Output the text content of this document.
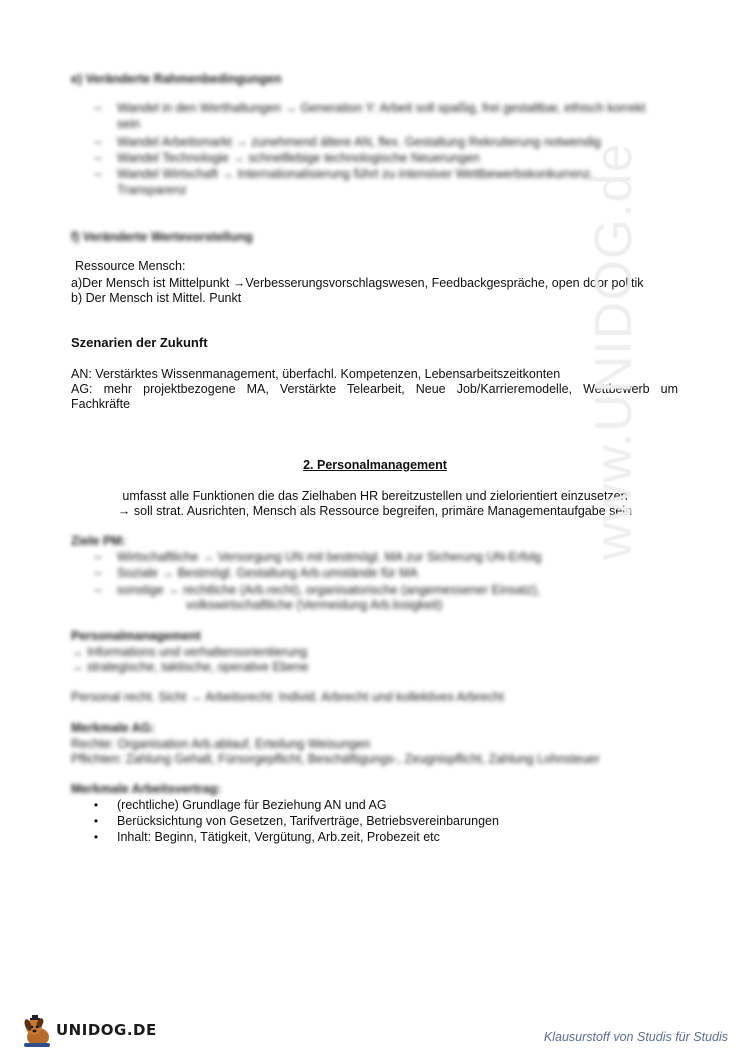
e) Veränderte Rahmenbedingungen
– Wandel in den Werthaltungen → Generation Y: Arbeit soll spaßig, frei gestaltbar, ethisch korrekt
sein
– Wandel Arbeitsmarkt → zunehmend ältere AN, flex. Gestaltung Rekrutierung notwendig
– Wandel Technologie → schnelllebige technologische Neuerungen
– Wandel Wirtschaft → Internationalisierung führt zu intensiver Wettbewerbskonkurrenz,
Transparenz
f) Veränderte Wertevorstellung
Ressource Mensch:
a)Der Mensch ist Mittelpunkt →Verbesserungsvorschlagswesen, Feedbackgespräche, open door politik
b) Der Mensch ist Mittel. Punkt
Szenarien der Zukunft
AN: Verstärktes Wissenmanagement, überfachl. Kompetenzen, Lebensarbeitszeitkonten
AG: mehr projektbezogene MA, Verstärkte Telearbeit, Neue Job/Karrieremodelle, Wettbewerb um
Fachkräfte
2. Personalmanagement
umfasst alle Funktionen die das Zielhaben HR bereitzustellen und zielorientiert einzusetzen
→ soll strat. Ausrichten, Mensch als Ressource begreifen, primäre Managementaufgabe sein
Ziele PM:
– Wirtschaftliche → Versorgung UN mit bestmögl. MA zur Sicherung UN-Erfolg
– Soziale → Bestmögl. Gestaltung Arb.umstände für MA
– sonstige → rechtliche (Arb.recht), organisatorische (angemessener Einsatz),
volkswirtschaftliche (Vermeidung Arb.losigkeit)
Personalmanagement
→ Informations und verhaltensorientierung
→ strategische, taktische, operative Ebene
Personal recht. Sicht → Arbeitsrecht: Individ. Arbrecht und kollektives Arbrecht
Merkmale AG:
Rechte: Organisation Arb.ablauf, Erteilung Weisungen
Pflichten: Zahlung Gehalt, Fürsorgepflicht, Beschäftigungs-, Zeugnispflicht, Zahlung Lohnsteuer
Merkmale Arbeitsvertrag:
• (rechtliche) Grundlage für Beziehung AN und AG
• Berücksichtung von Gesetzen, Tarifverträge, Betriebsvereinbarungen
• Inhalt: Beginn, Tätigkeit, Vergütung, Arb.zeit, Probezeit etc
www.UNIDOG.de
UNIDOG.DE	Klausurstoff von Studis für Studis
